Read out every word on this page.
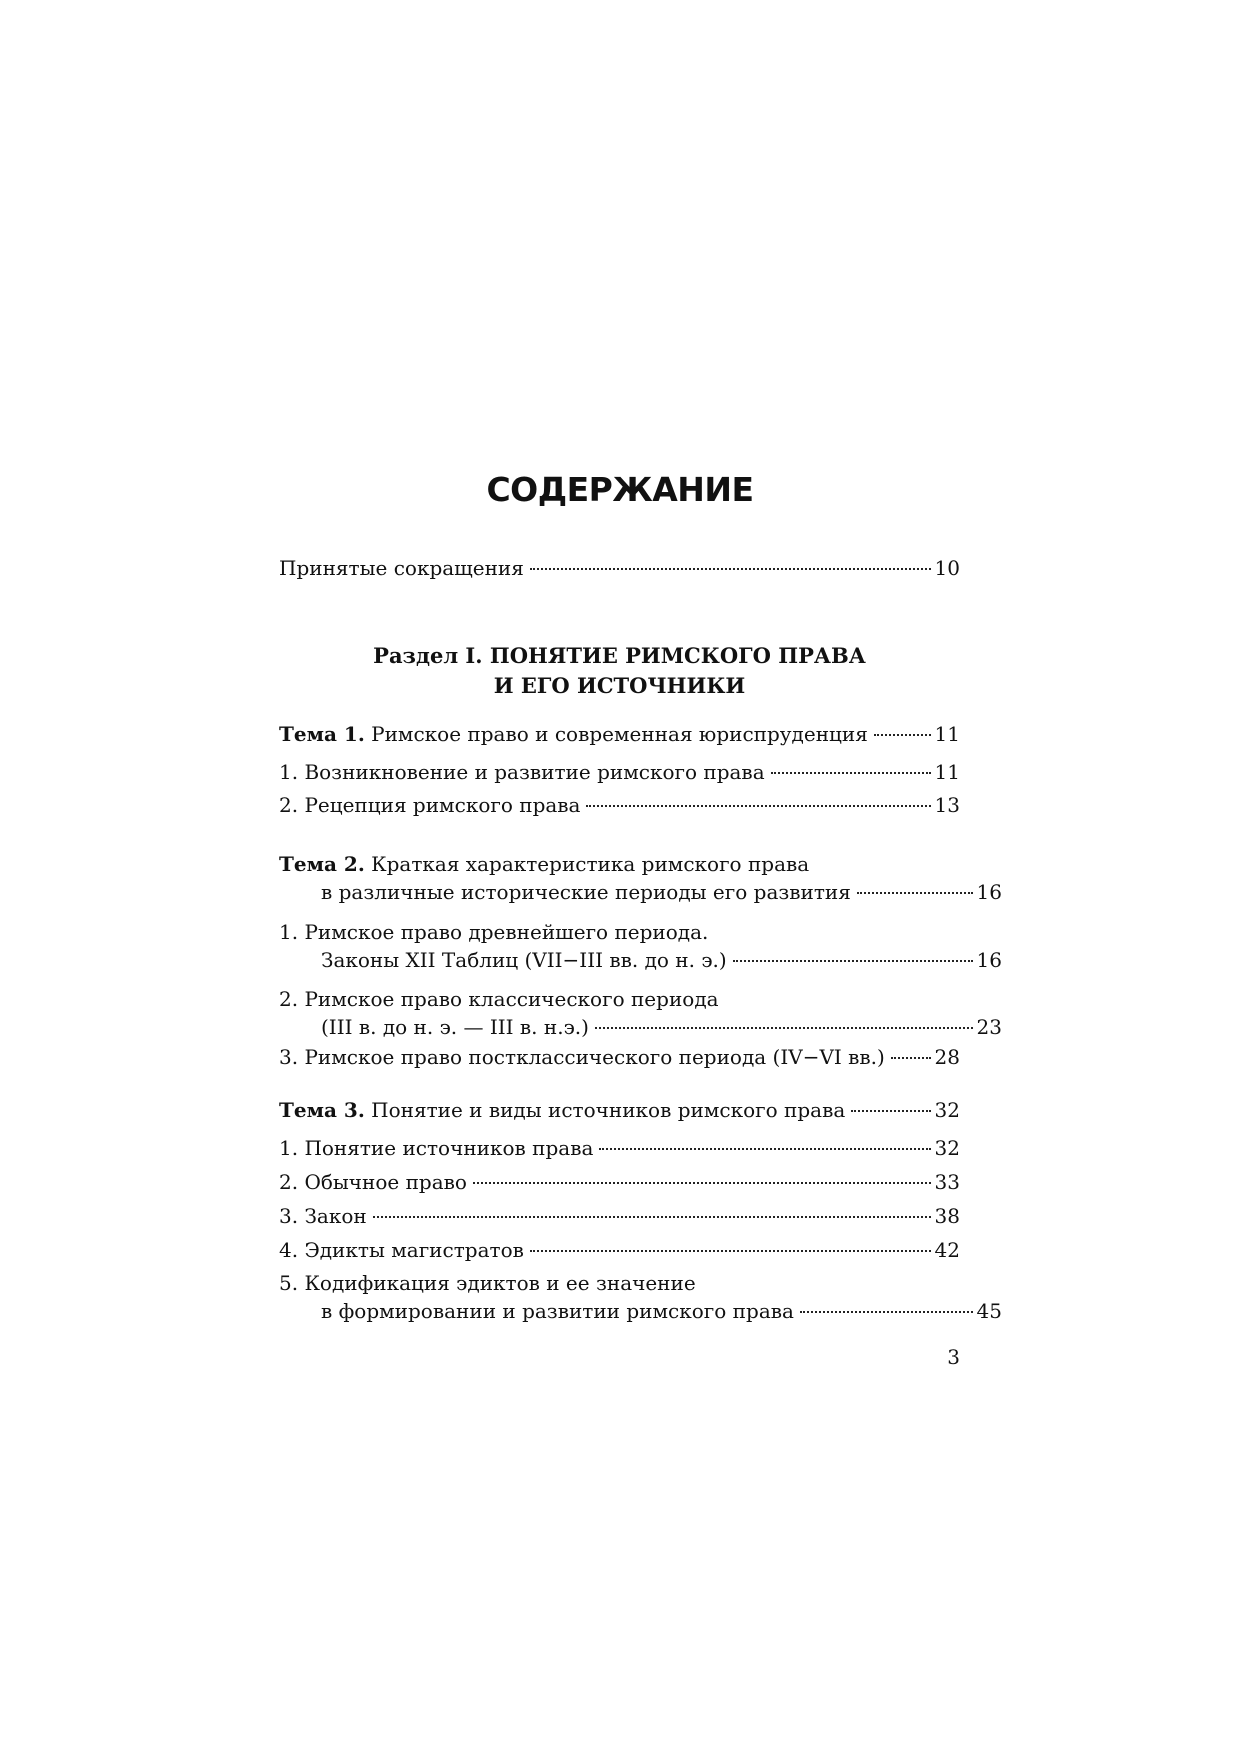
СОДЕРЖАНИЕ
Принятые сокращения	10
Тема 1. Римское право и современная юриспруденция	11
1. Возникновение и развитие римского права	11
2. Рецепция римского права	13
Тема 2. Краткая характеристика римского права
в различные исторические периоды его развития	16
1. Римское право древнейшего периода.
Законы XII Таблиц (VII−III вв. до н. э.)	16
2. Римское право классического периода
(III в. до н. э. — III в. н.э.)	23
3. Римское право постклассического периода (IV−VI вв.) 28
Тема 3. Понятие и виды источников римского права	32
1. Понятие источников права	32
2. Обычное право	33
3. Закон	38
4. Эдикты магистратов	42
5. Кодификация эдиктов и ее значение
в формировании и развитии римского права	45
Раздел I. ПОНЯТИЕ РИМСКОГО ПРАВА
И ЕГО ИСТОЧНИКИ
3
